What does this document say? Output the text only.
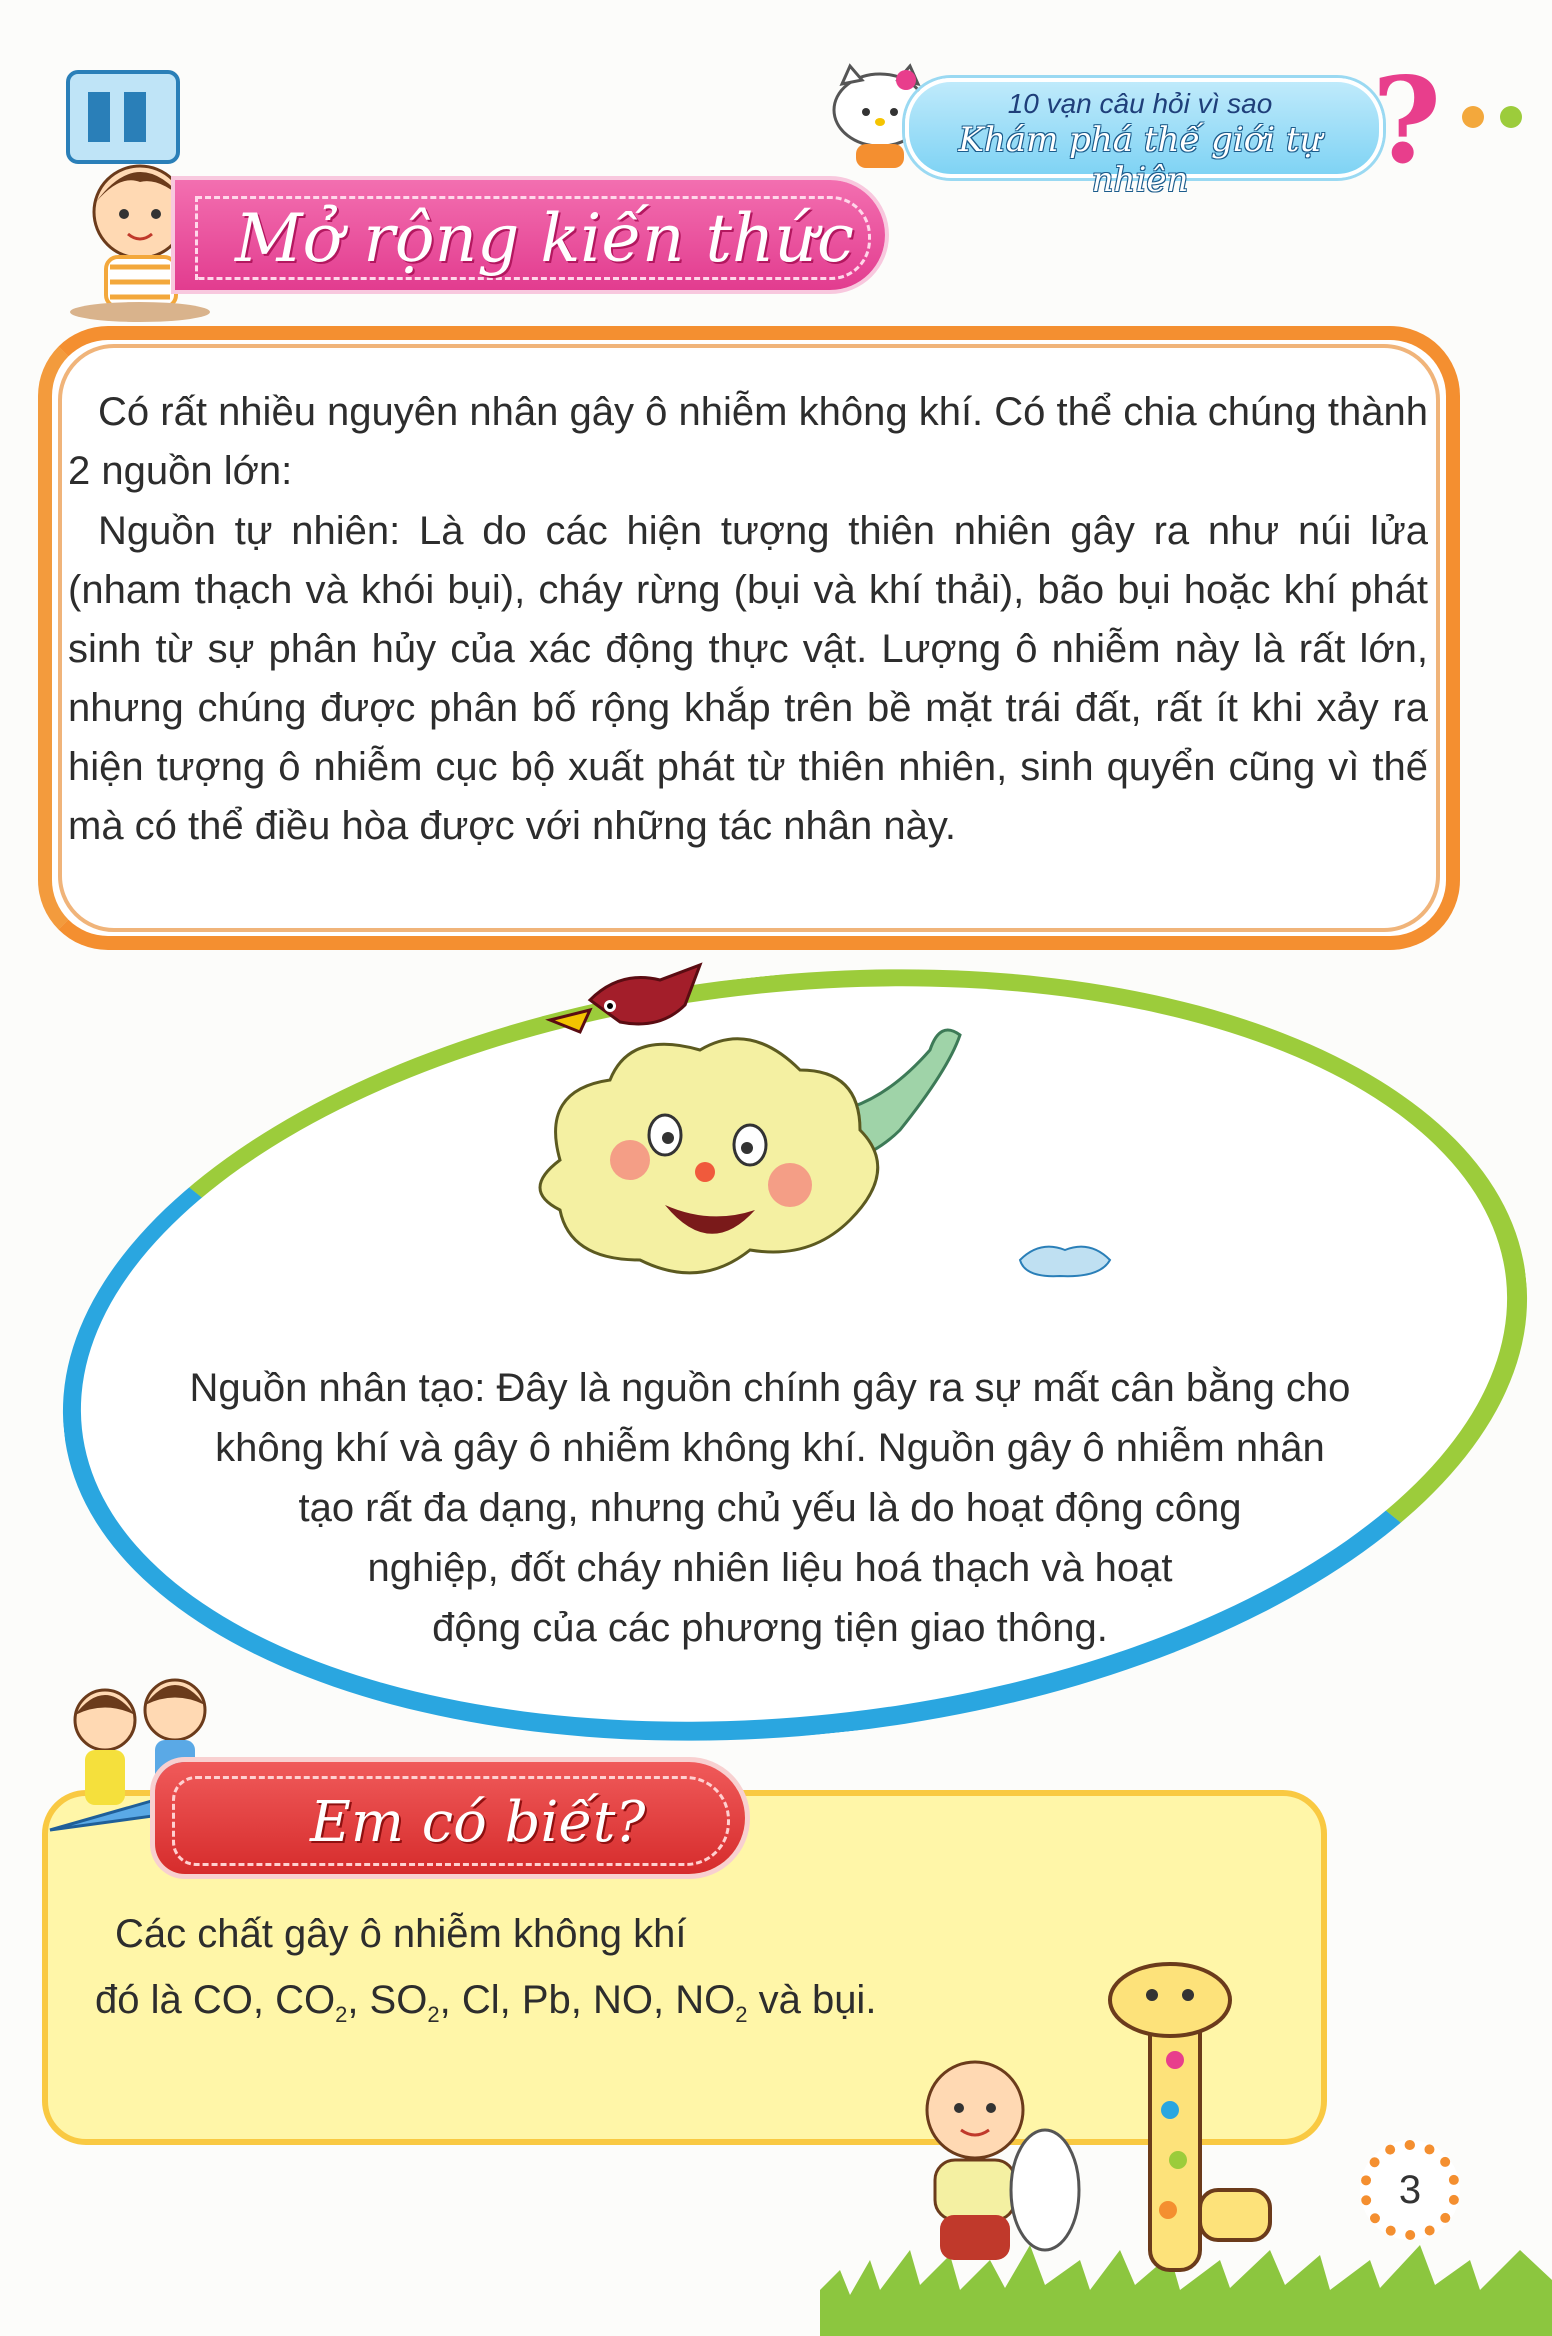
10 vạn câu hỏi vì sao
Khám phá thế giới tự nhiên	?
Mở rộng kiến thức
Có rất nhiều nguyên nhân gây ô nhiễm không khí. Có thể chia chúng thành 2 nguồn lớn:
Nguồn tự nhiên: Là do các hiện tượng thiên nhiên gây ra như núi lửa (nham thạch và khói bụi), cháy rừng (bụi và khí thải), bão bụi hoặc khí phát sinh từ sự phân hủy của xác động thực vật. Lượng ô nhiễm này là rất lớn, nhưng chúng được phân bố rộng khắp trên bề mặt trái đất, rất ít khi xảy ra hiện tượng ô nhiễm cục bộ xuất phát từ thiên nhiên, sinh quyển cũng vì thế mà có thể điều hòa được với những tác nhân này.
Nguồn nhân tạo: Đây là nguồn chính gây ra sự mất cân bằng cho
không khí và gây ô nhiễm không khí. Nguồn gây ô nhiễm nhân
tạo rất đa dạng, nhưng chủ yếu là do hoạt động công
nghiệp, đốt cháy nhiên liệu hoá thạch và hoạt
động của các phương tiện giao thông.
Em có biết?
Các chất gây ô nhiễm không khí
đó là CO, $CO_2$, $SO_2$, Cl, Pb, NO, $NO_2$ và bụi.
3
